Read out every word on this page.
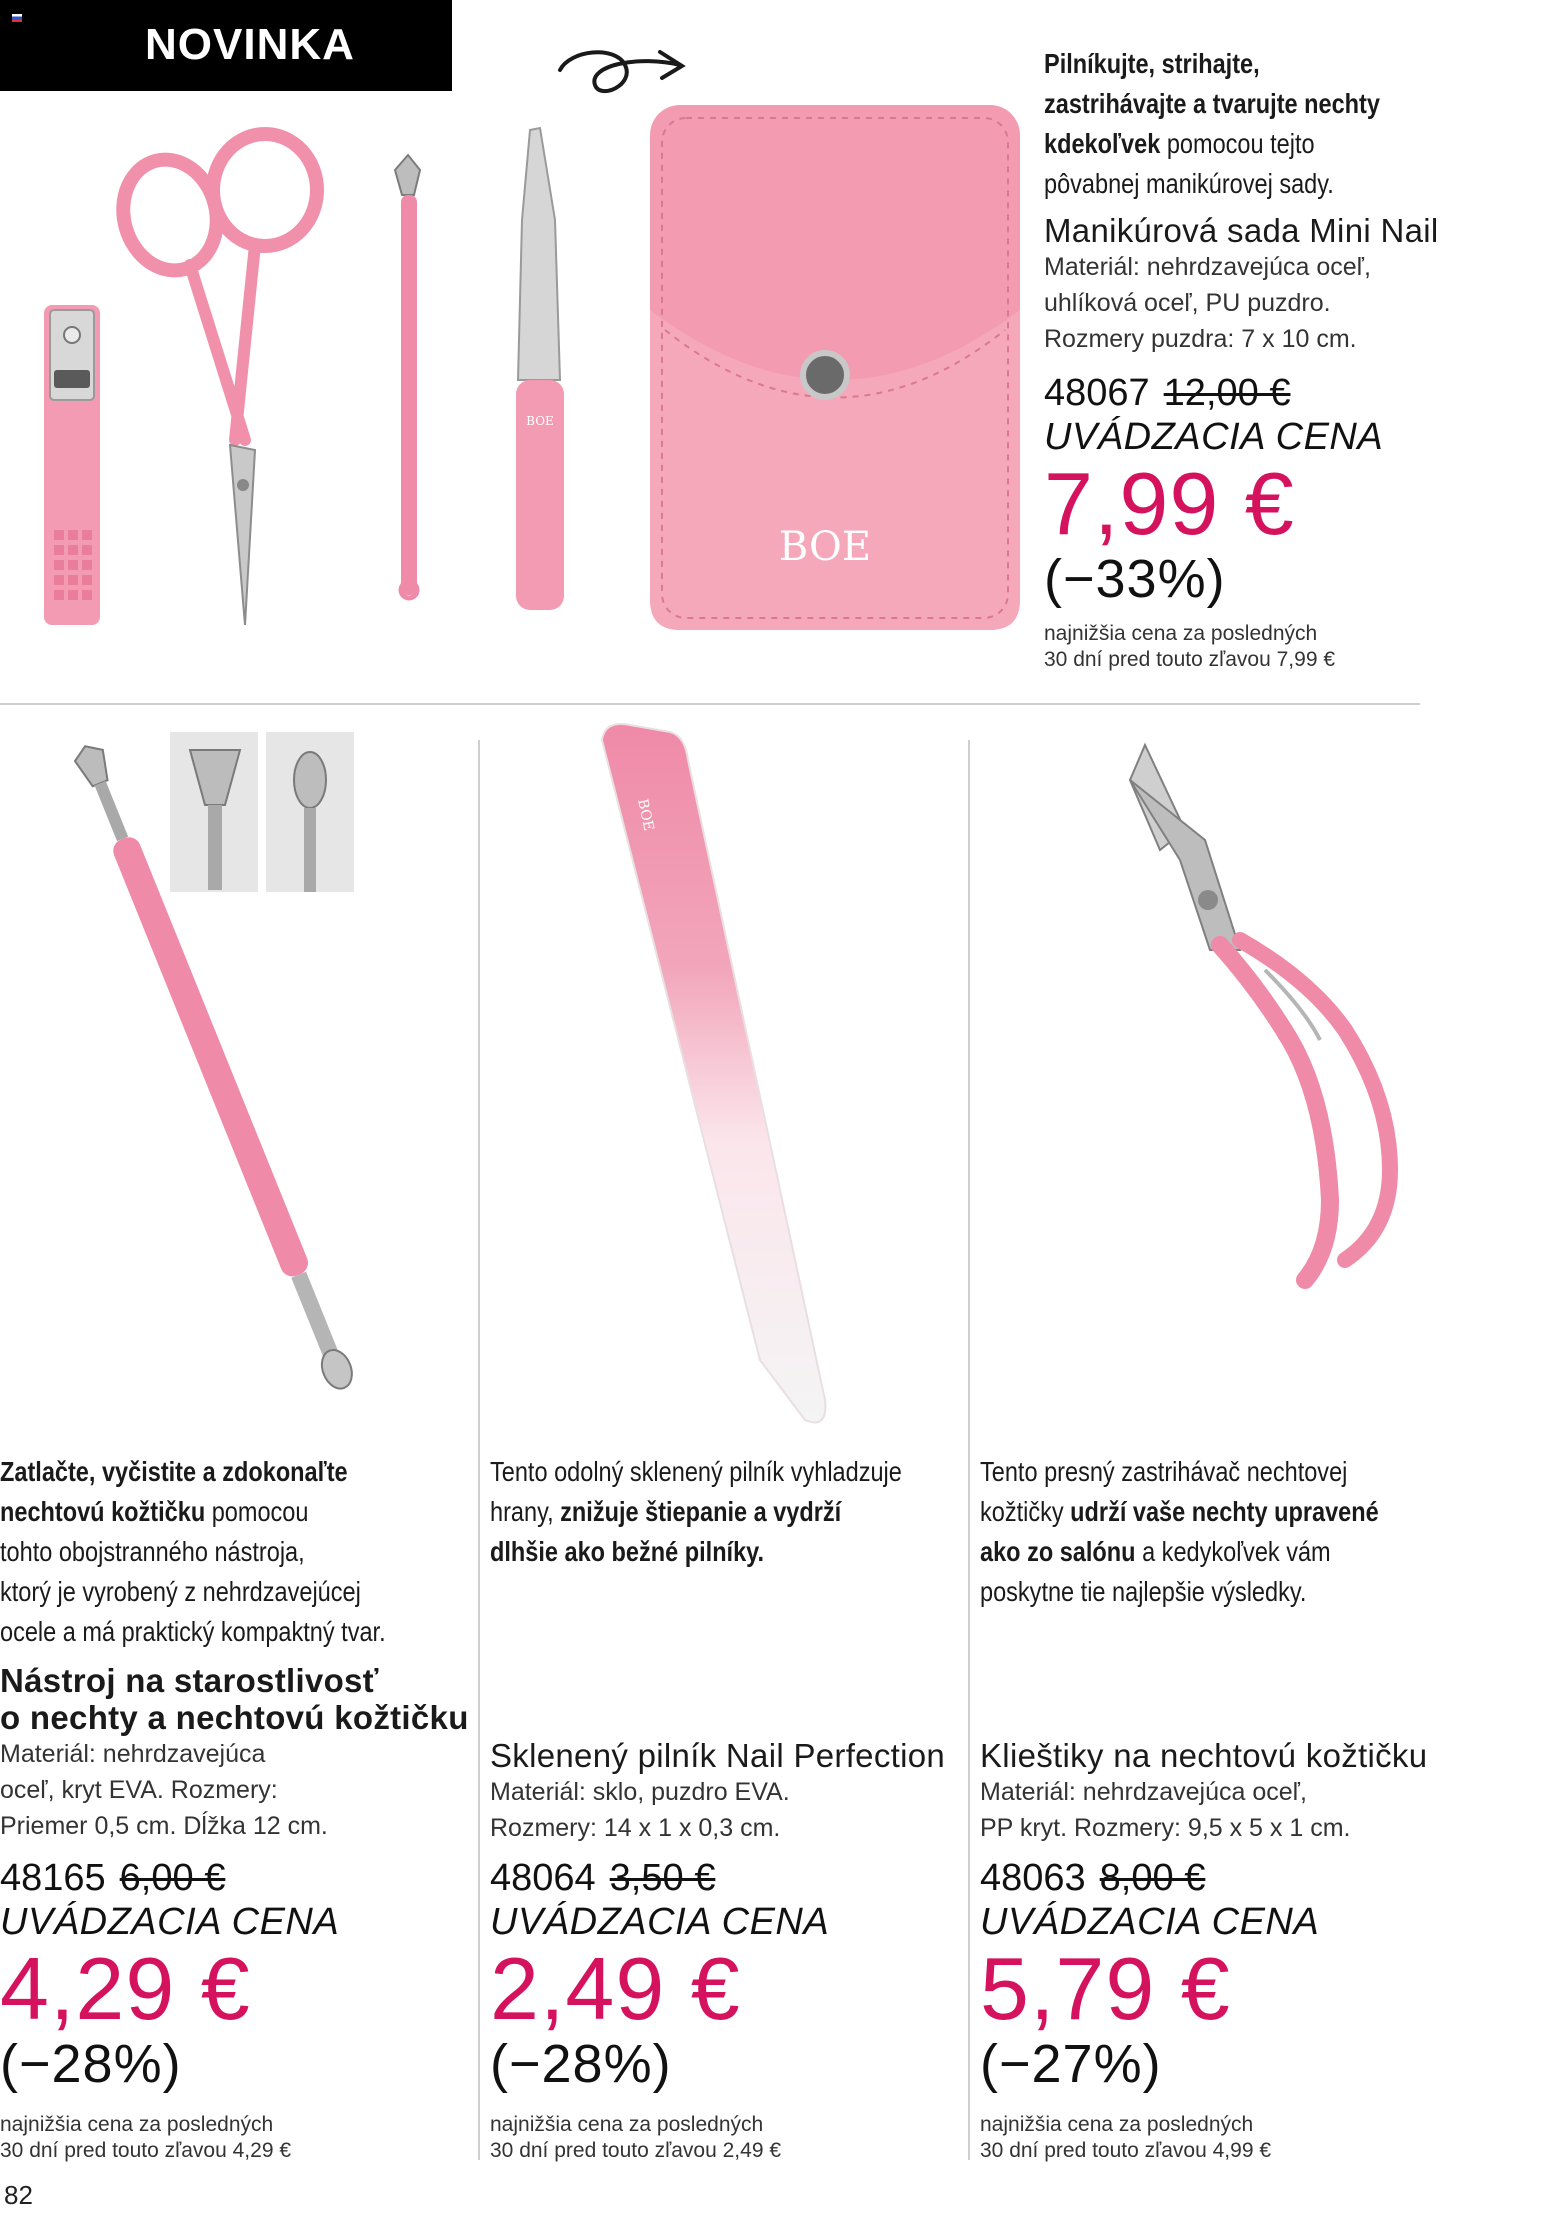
NOVINKA
BOE
BOE
Pilníkujte, strihajte,
zastrihávajte a tvarujte nechty
kdekoľvek pomocou tejto
pôvabnej manikúrovej sady.
Manikúrová sada Mini Nail
Materiál: nehrdzavejúca oceľ,
uhlíková oceľ, PU puzdro.
Rozmery puzdra: 7 x 10 cm.
48067 12,00 €
UVÁDZACIA CENA
7,99 €
(−33%)
najnižšia cena za posledných
30 dní pred touto zľavou 7,99 €
BOE
Zatlačte, vyčistite a zdokonaľte
nechtovú kožtičku pomocou
tohto obojstranného nástroja,
ktorý je vyrobený z nehrdzavejúcej
ocele a má praktický kompaktný tvar.
Nástroj na starostlivosť
o nechty a nechtovú kožtičku
Materiál: nehrdzavejúca
oceľ, kryt EVA. Rozmery:
Priemer 0,5 cm. Dĺžka 12 cm.
Tento odolný sklenený pilník vyhladzuje
hrany, znižuje štiepanie a vydrží
dlhšie ako bežné pilníky.
Sklenený pilník Nail Perfection
Materiál: sklo, puzdro EVA.
Rozmery: 14 x 1 x 0,3 cm.
Tento presný zastrihávač nechtovej
kožtičky udrží vaše nechty upravené
ako zo salónu a kedykoľvek vám
poskytne tie najlepšie výsledky.
Klieštiky na nechtovú kožtičku
Materiál: nehrdzavejúca oceľ,
PP kryt. Rozmery: 9,5 x 5 x 1 cm.
48165 6,00 €
UVÁDZACIA CENA
4,29 €
(−28%)
najnižšia cena za posledných
30 dní pred touto zľavou 4,29 €
48064 3,50 €
UVÁDZACIA CENA
2,49 €
(−28%)
najnižšia cena za posledných
30 dní pred touto zľavou 2,49 €
48063 8,00 €
UVÁDZACIA CENA
5,79 €
(−27%)
najnižšia cena za posledných
30 dní pred touto zľavou 4,99 €
82
